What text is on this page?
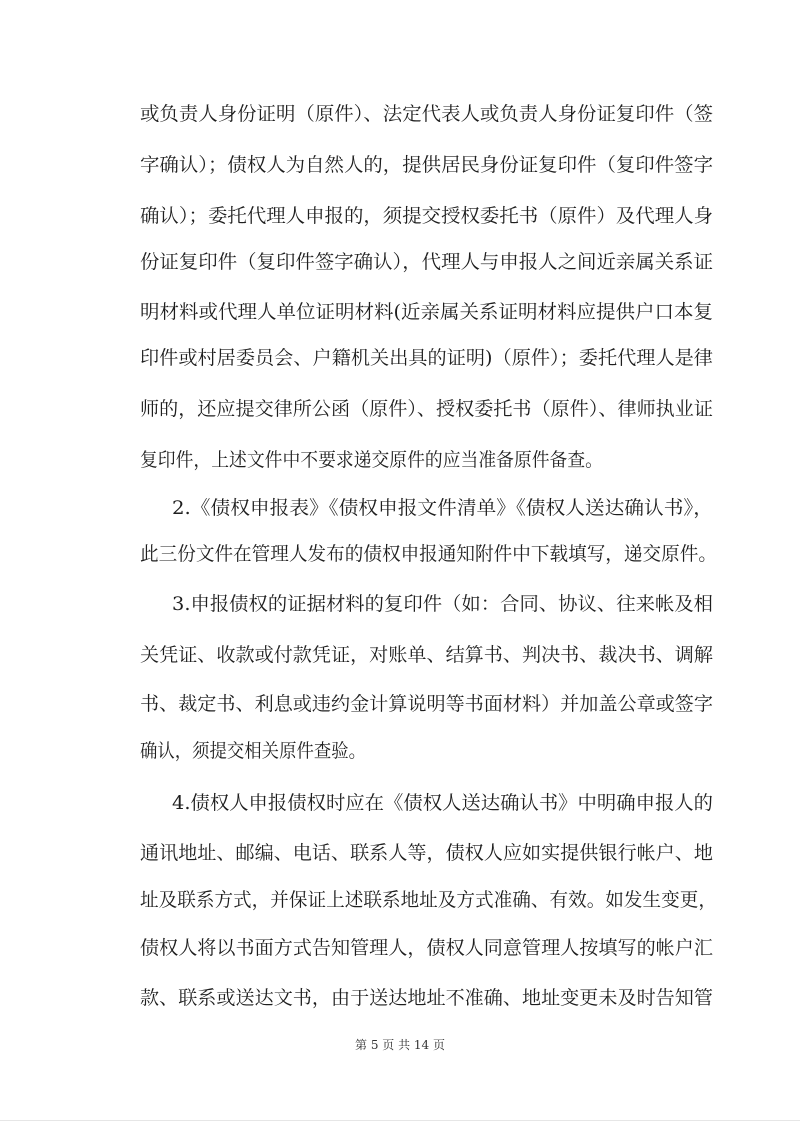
或负责人身份证明（原件）、法定代表人或负责人身份证复印件（签
字确认）；债权人为自然人的，提供居民身份证复印件（复印件签字
确认）；委托代理人申报的，须提交授权委托书（原件）及代理人身
份证复印件（复印件签字确认），代理人与申报人之间近亲属关系证
明材料或代理人单位证明材料(近亲属关系证明材料应提供户口本复
印件或村居委员会、户籍机关出具的证明)（原件）；委托代理人是律
师的，还应提交律所公函（原件）、授权委托书（原件）、律师执业证
复印件，上述文件中不要求递交原件的应当准备原件备查。
2.《债权申报表》《债权申报文件清单》《债权人送达确认书》，
此三份文件在管理人发布的债权申报通知附件中下载填写，递交原件。
3.申报债权的证据材料的复印件（如：合同、协议、往来帐及相
关凭证、收款或付款凭证，对账单、结算书、判决书、裁决书、调解
书、裁定书、利息或违约金计算说明等书面材料）并加盖公章或签字
确认，须提交相关原件查验。
4.债权人申报债权时应在《债权人送达确认书》中明确申报人的
通讯地址、邮编、电话、联系人等，债权人应如实提供银行帐户、地
址及联系方式，并保证上述联系地址及方式准确、有效。如发生变更，
债权人将以书面方式告知管理人，债权人同意管理人按填写的帐户汇
款、联系或送达文书，由于送达地址不准确、地址变更未及时告知管
第 5 页 共 14 页
